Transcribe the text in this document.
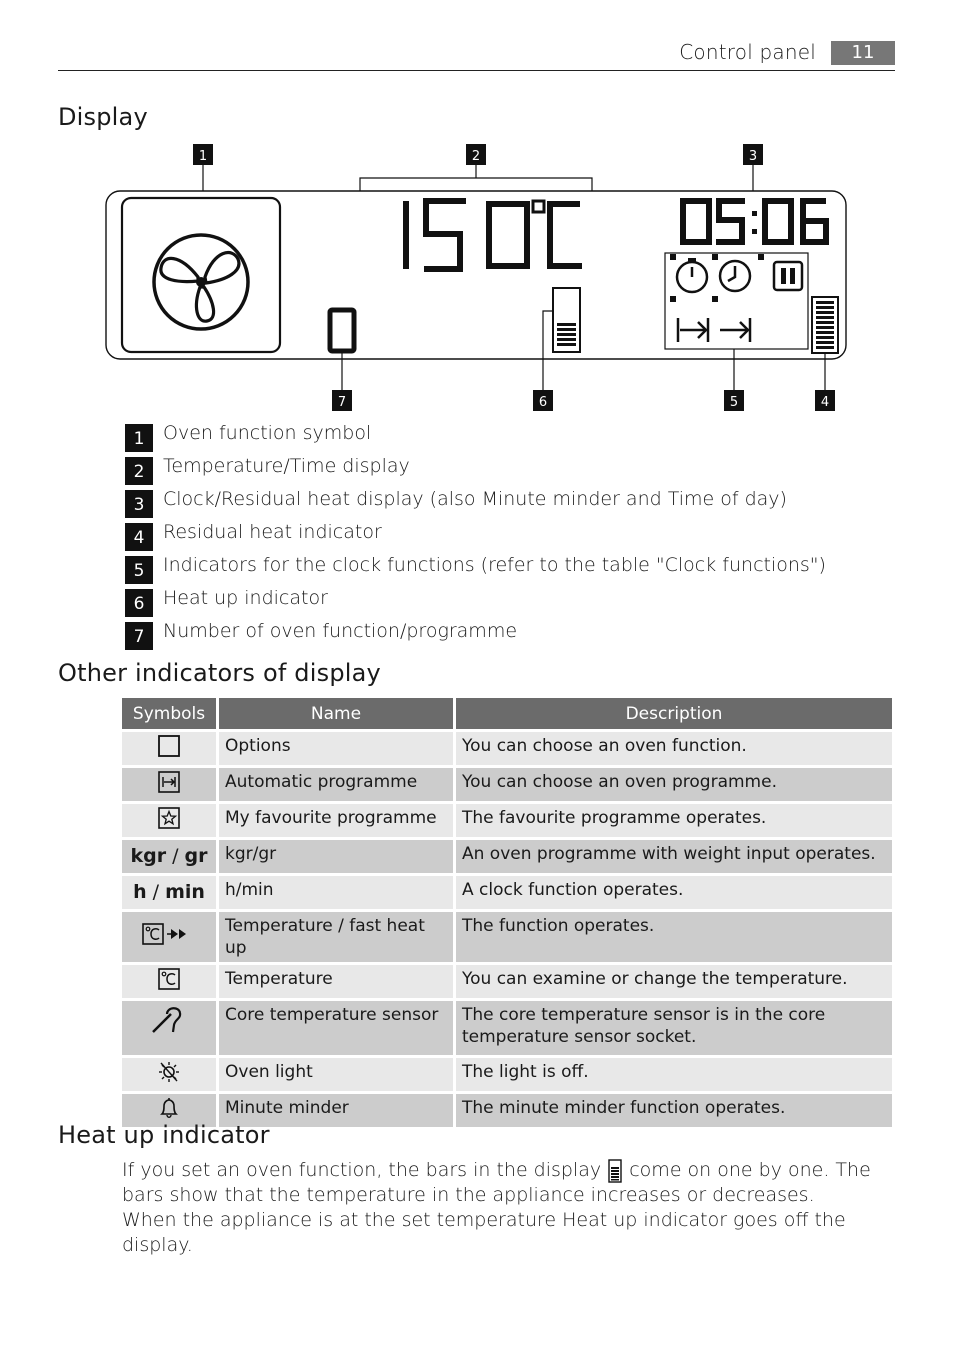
Control panel	11
Display
1	2	3
7	6	5	4
1 Oven function symbol
2 Temperature/Time display
3 Clock/Residual heat display (also Minute minder and Time of day)
4 Residual heat indicator
5 Indicators for the clock functions (refer to the table "Clock functions")
6 Heat up indicator
7 Number of oven function/programme
Other indicators of display
Symbols	Name	Description
	Options	You can choose an oven function.
	Automatic programme	You can choose an oven programme.
	My favourite programme	The favourite programme operates.
kgr / gr	kgr/gr	An oven programme with weight input operates.
h / min	h/min	A clock function operates.
	Temperature / fast heat up	The function operates.
	Temperature	You can examine or change the temperature.
	Core temperature sensor	The core temperature sensor is in the core temperature sensor socket.
	Oven light	The light is off.
	Minute minder	The minute minder function operates.
Heat up indicator
If you set an oven function, the bars in the display come on one by one. The bars show that the temperature in the appliance increases or decreases.
When the appliance is at the set temperature Heat up indicator goes off the display.
